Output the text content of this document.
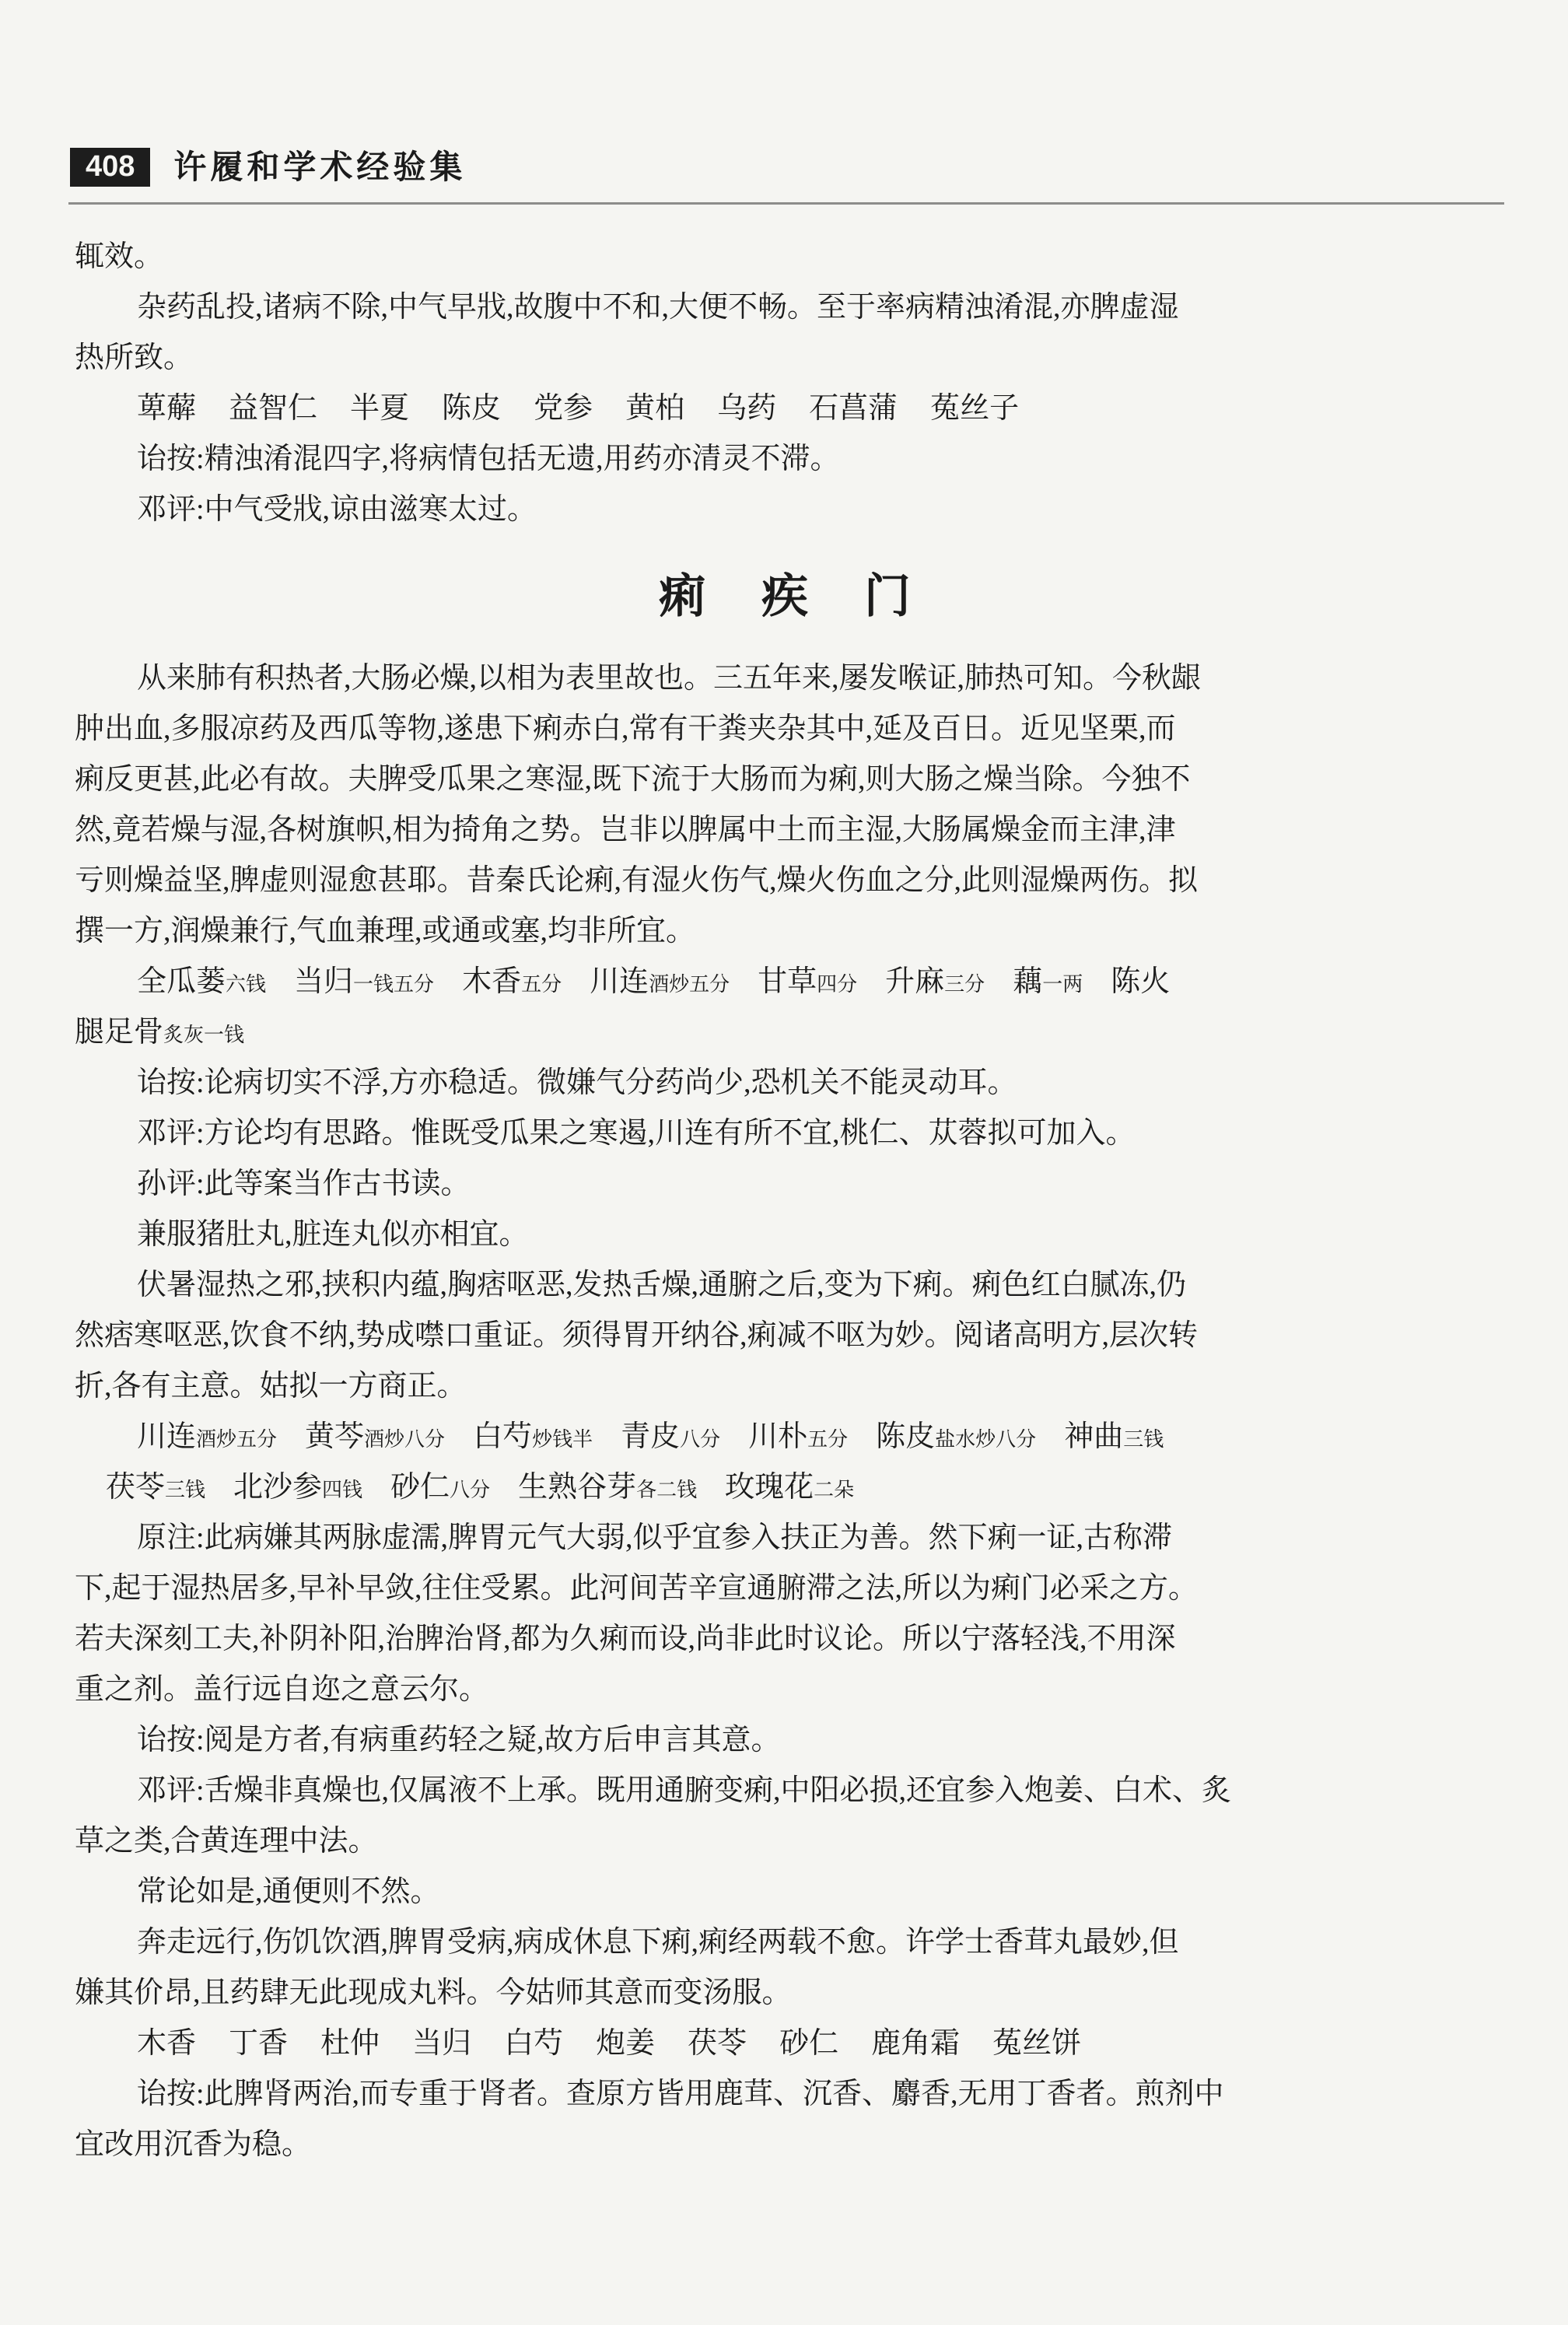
408	许履和学术经验集
辄效。
杂药乱投,诸病不除,中气早戕,故腹中不和,大便不畅。至于率病精浊淆混,亦脾虚湿
热所致。
萆薢 益智仁 半夏 陈皮 党参 黄柏 乌药 石菖蒲 菟丝子
诒按:精浊淆混四字,将病情包括无遗,用药亦清灵不滞。
邓评:中气受戕,谅由滋寒太过。
痢　疾　门
从来肺有积热者,大肠必燥,以相为表里故也。三五年来,屡发喉证,肺热可知。今秋龈
肿出血,多服凉药及西瓜等物,遂患下痢赤白,常有干粪夹杂其中,延及百日。近见坚栗,而
痢反更甚,此必有故。夫脾受瓜果之寒湿,既下流于大肠而为痢,则大肠之燥当除。今独不
然,竟若燥与湿,各树旗帜,相为掎角之势。岂非以脾属中土而主湿,大肠属燥金而主津,津
亏则燥益坚,脾虚则湿愈甚耶。昔秦氏论痢,有湿火伤气,燥火伤血之分,此则湿燥两伤。拟
撰一方,润燥兼行,气血兼理,或通或塞,均非所宜。
全瓜蒌六钱 当归一钱五分 木香五分 川连酒炒五分 甘草四分 升麻三分 藕一两 陈火
腿足骨炙灰一钱
诒按:论病切实不浮,方亦稳适。微嫌气分药尚少,恐机关不能灵动耳。
邓评:方论均有思路。惟既受瓜果之寒遏,川连有所不宜,桃仁、苁蓉拟可加入。
孙评:此等案当作古书读。
兼服猪肚丸,脏连丸似亦相宜。
伏暑湿热之邪,挟积内蕴,胸痞呕恶,发热舌燥,通腑之后,变为下痢。痢色红白腻冻,仍
然痞寒呕恶,饮食不纳,势成噤口重证。须得胃开纳谷,痢减不呕为妙。阅诸高明方,层次转
折,各有主意。姑拟一方商正。
川连酒炒五分 黄芩酒炒八分 白芍炒钱半 青皮八分 川朴五分 陈皮盐水炒八分 神曲三钱
茯苓三钱 北沙参四钱 砂仁八分 生熟谷芽各二钱 玫瑰花二朵
原注:此病嫌其两脉虚濡,脾胃元气大弱,似乎宜参入扶正为善。然下痢一证,古称滞
下,起于湿热居多,早补早敛,往住受累。此河间苦辛宣通腑滞之法,所以为痢门必采之方。
若夫深刻工夫,补阴补阳,治脾治肾,都为久痢而设,尚非此时议论。所以宁落轻浅,不用深
重之剂。盖行远自迩之意云尔。
诒按:阅是方者,有病重药轻之疑,故方后申言其意。
邓评:舌燥非真燥也,仅属液不上承。既用通腑变痢,中阳必损,还宜参入炮姜、白术、炙
草之类,合黄连理中法。
常论如是,通便则不然。
奔走远行,伤饥饮酒,脾胃受病,病成休息下痢,痢经两载不愈。许学士香茸丸最妙,但
嫌其价昂,且药肆无此现成丸料。今姑师其意而变汤服。
木香 丁香 杜仲 当归 白芍 炮姜 茯苓 砂仁 鹿角霜 菟丝饼
诒按:此脾肾两治,而专重于肾者。查原方皆用鹿茸、沉香、麝香,无用丁香者。煎剂中
宜改用沉香为稳。
